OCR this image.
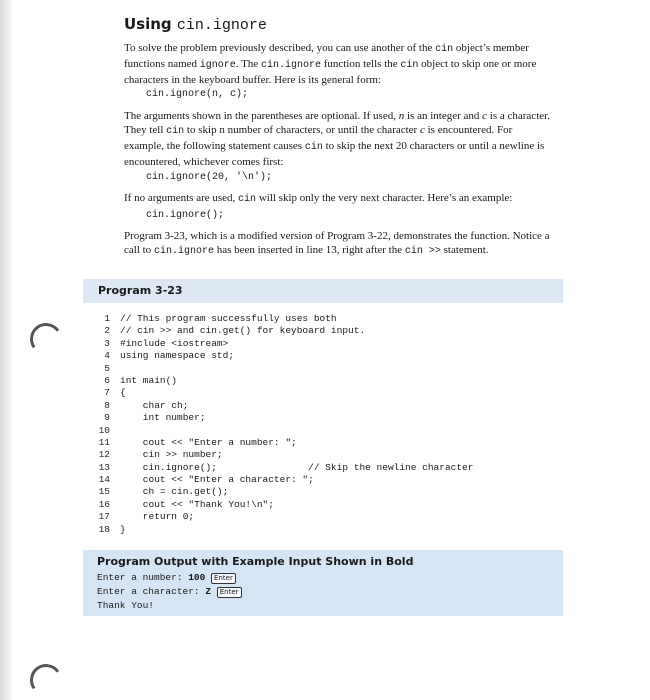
Using cin.ignore

To solve the problem previously described, you can use another of the cin object’s member functions named ignore. The cin.ignore function tells the cin object to skip one or more characters in the keyboard buffer. Here is its general form:

cin.ignore(n, c);

The arguments shown in the parentheses are optional. If used, n is an integer and c is a character. They tell cin to skip n number of characters, or until the character c is encountered. For example, the following statement causes cin to skip the next 20 characters or until a newline is encountered, whichever comes first:

cin.ignore(20, '\n');

If no arguments are used, cin will skip only the very next character. Here’s an example:

cin.ignore();

Program 3-23, which is a modified version of Program 3-22, demonstrates the function. Notice a call to cin.ignore has been inserted in line 13, right after the cin >> statement.

Program 3-23
1 // This program successfully uses both
2 // cin >> and cin.get() for keyboard input.
3 #include <iostream>
4 using namespace std;
5
6 int main()
7 {
8    char ch;
9    int number;
10
11    cout << "Enter a number: ";
12    cin >> number;
13    cin.ignore();                // Skip the newline character
14    cout << "Enter a character: ";
15    ch = cin.get();
16    cout << "Thank You!\n";
17    return 0;
18 }
Program Output with Example Input Shown in Bold
Enter a number: 100 Enter
Enter a character: Z Enter
Thank You!
